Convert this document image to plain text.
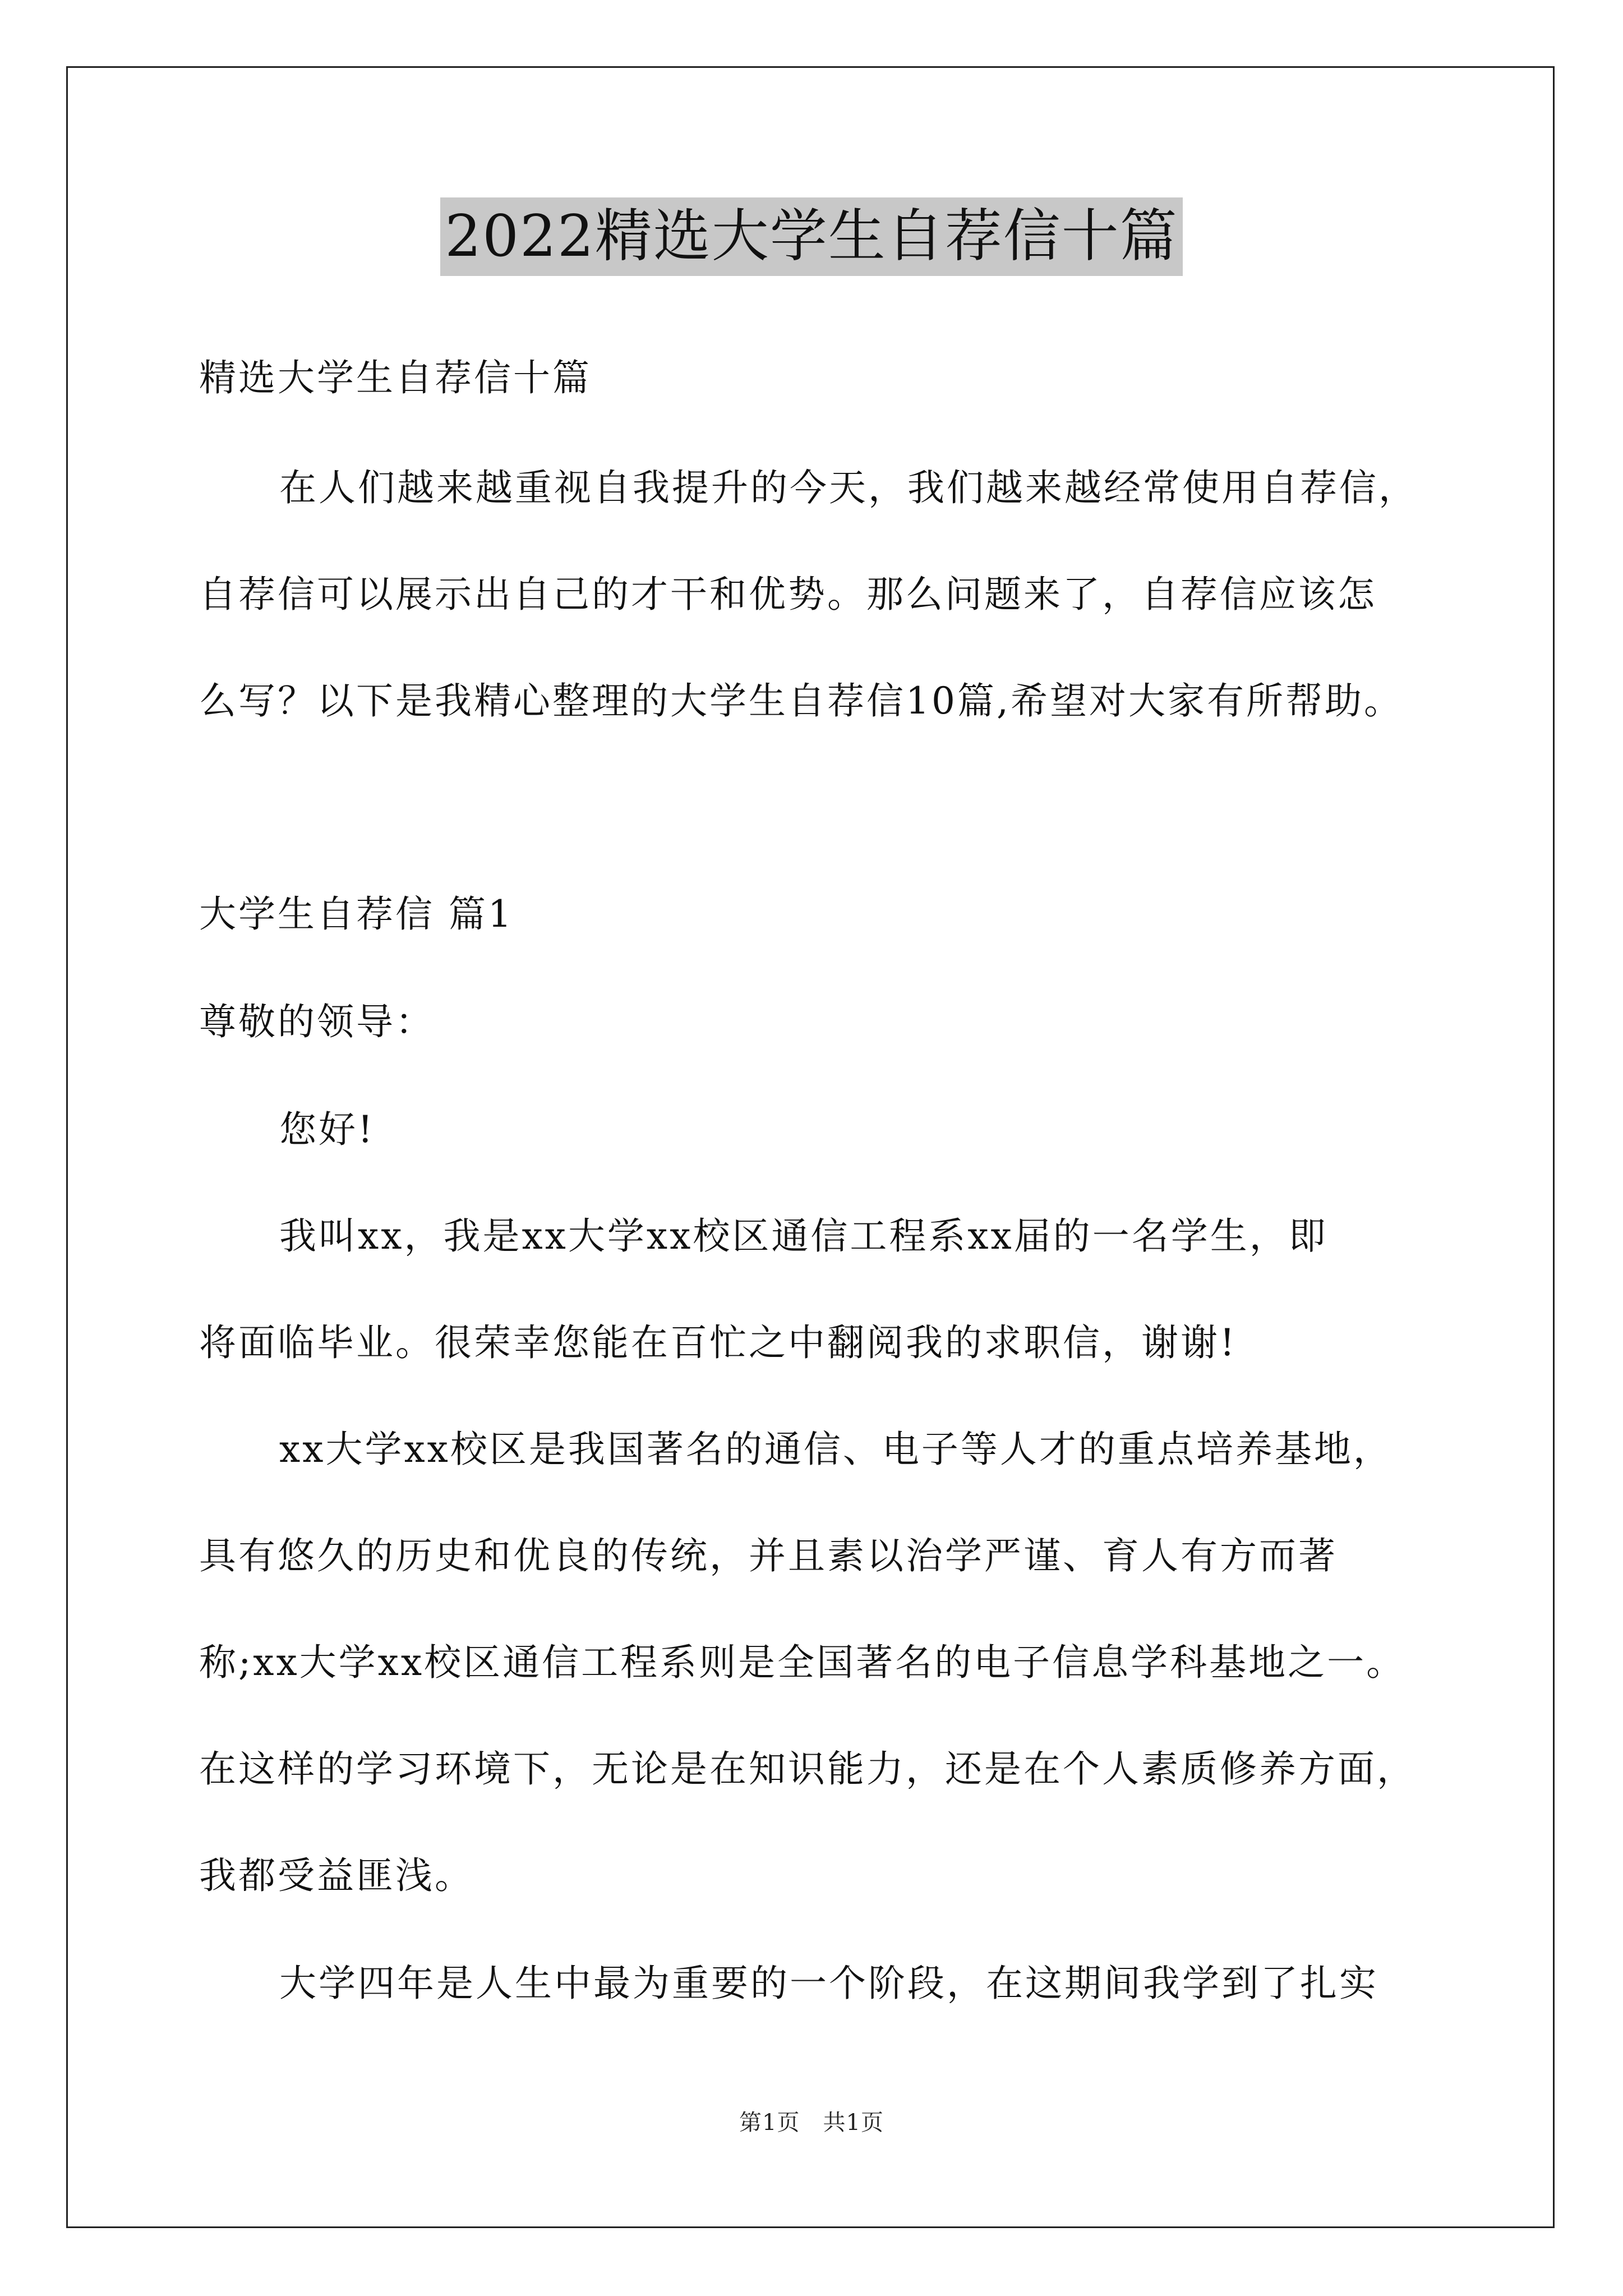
2022精选大学生自荐信十篇
精选大学生自荐信十篇
在人们越来越重视自我提升的今天，我们越来越经常使用自荐信，
自荐信可以展示出自己的才干和优势。那么问题来了，自荐信应该怎
么写？以下是我精心整理的大学生自荐信10篇,希望对大家有所帮助。
大学生自荐信 篇1
尊敬的领导：
您好!
我叫xx，我是xx大学xx校区通信工程系xx届的一名学生，即
将面临毕业。很荣幸您能在百忙之中翻阅我的求职信，谢谢!
xx大学xx校区是我国著名的通信、电子等人才的重点培养基地，
具有悠久的历史和优良的传统，并且素以治学严谨、育人有方而著
称;xx大学xx校区通信工程系则是全国著名的电子信息学科基地之一。
在这样的学习环境下，无论是在知识能力，还是在个人素质修养方面，
我都受益匪浅。
大学四年是人生中最为重要的一个阶段，在这期间我学到了扎实
第1页　共1页
